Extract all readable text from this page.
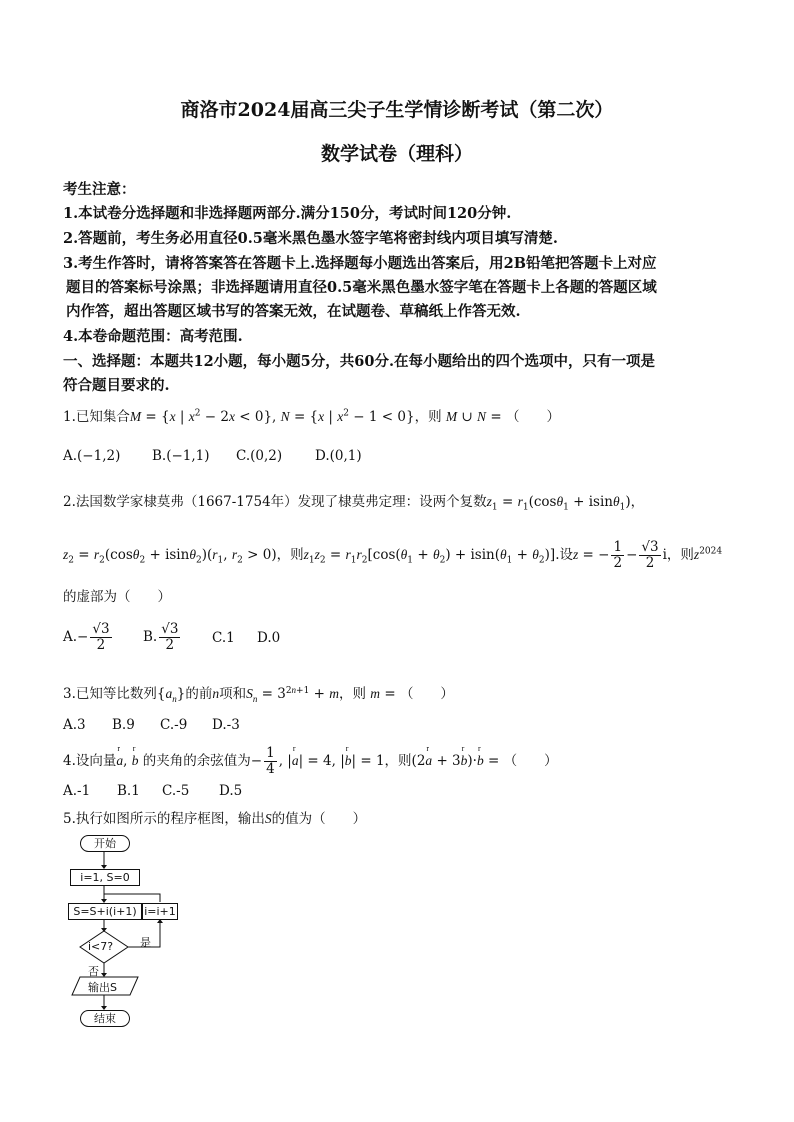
商洛市2024届高三尖子生学情诊断考试（第二次）
数学试卷（理科）
考生注意：
1.本试卷分选择题和非选择题两部分.满分150分，考试时间120分钟.
2.答题前，考生务必用直径0.5毫米黑色墨水签字笔将密封线内项目填写清楚.
3.考生作答时，请将答案答在答题卡上.选择题每小题选出答案后，用2B铅笔把答题卡上对应
题目的答案标号涂黑；非选择题请用直径0.5毫米黑色墨水签字笔在答题卡上各题的答题区域
内作答，超出答题区域书写的答案无效，在试题卷、草稿纸上作答无效.
4.本卷命题范围：高考范围.
一、选择题：本题共12小题，每小题5分，共60分.在每小题给出的四个选项中，只有一项是
符合题目要求的.
1.已知集合M = {x | $x^2 - 2x < 0$}, N = {x | $x^2 - 1 < 0$}，则 M ∪ N = （　　）
A.(−1,2) B.(−1,1) C.(0,2) D.(0,1)
2.法国数学家棣莫弗（1667-1754年）发现了棣莫弗定理：设两个复数$z_1 = r_1(\cos\theta_1 + isin\theta_1)$，
$z_2 = r_2(\cos\theta_2 + isin\theta_2)(r_1$, $r_2 > 0$)，则$z_1z_2 = r_1r_2[\cos(\theta_1 + \theta_2) + isin(\theta_1 + \theta_2)]$.设z = − $\frac{1}{2} - \frac{√3}{2}$ i，则$z^{2024}$
的虚部为（　　）
$A.- \frac{√3}{2} B$. $\frac{√3}{2} C.1$ D.0
3.已知等比数列$\{a_n\}$的前n项和$S_n = 3^{2n+1} + m$，则 m = （　　）
A.3 B.9 C.-9 D.-3
4.设向量r a, r b 的夹角的余弦值为− $\frac{1}{4}$ , |r a| = 4, |r b| = 1，则(2r a + 3r b)·r b = （　　）
A.-1 B.1 C.-5 D.5
5.执行如图所示的程序框图，输出S的值为（　　）
开始
i=1, S=0
S=S+i(i+1) i=i+1
i<7? 是
否
输出S
结束
